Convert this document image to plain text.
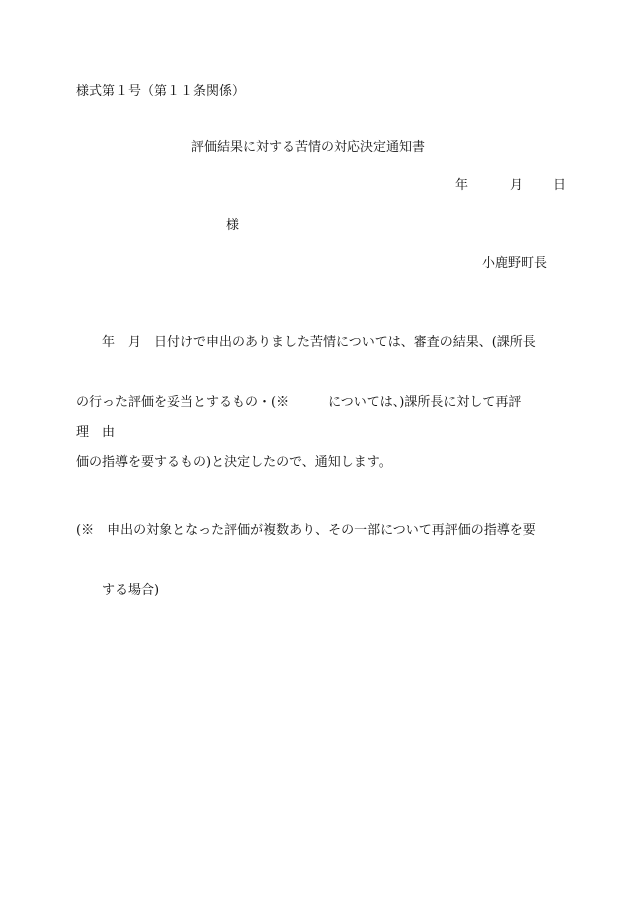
様式第１号（第１１条関係）

評価結果に対する苦情の対応決定通知書

年	月 日

様

小鹿野町長

　　年　月　日付けで申出のありました苦情については、審査の結果、(課所長

の行った評価を妥当とするもの・(※　　　については、)課所長に対して再評

価の指導を要するもの)と決定したので、通知します。

理　由

(※　申出の対象となった評価が複数あり、その一部について再評価の指導を要

　　する場合)
